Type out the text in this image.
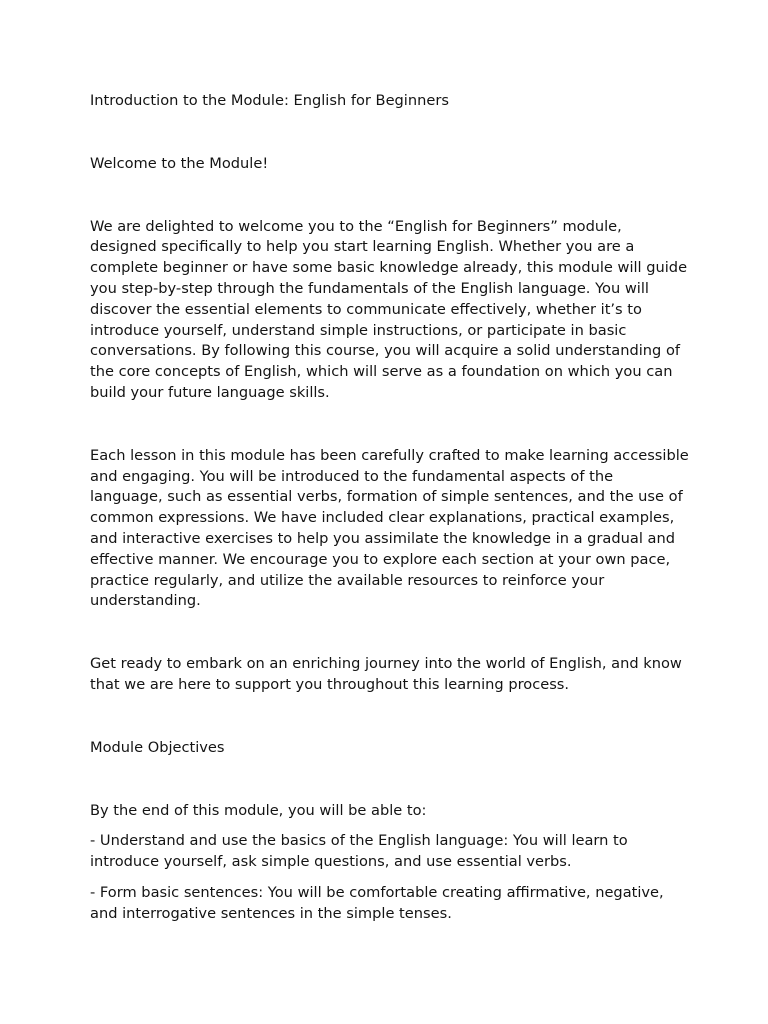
Introduction to the Module: English for Beginners

Welcome to the Module!

We are delighted to welcome you to the “English for Beginners” module, designed specifically to help you start learning English. Whether you are a complete beginner or have some basic knowledge already, this module will guide you step-by-step through the fundamentals of the English language. You will discover the essential elements to communicate effectively, whether it’s to introduce yourself, understand simple instructions, or participate in basic conversations. By following this course, you will acquire a solid understanding of the core concepts of English, which will serve as a foundation on which you can build your future language skills.

Each lesson in this module has been carefully crafted to make learning accessible and engaging. You will be introduced to the fundamental aspects of the language, such as essential verbs, formation of simple sentences, and the use of common expressions. We have included clear explanations, practical examples, and interactive exercises to help you assimilate the knowledge in a gradual and effective manner. We encourage you to explore each section at your own pace, practice regularly, and utilize the available resources to reinforce your understanding.

Get ready to embark on an enriching journey into the world of English, and know that we are here to support you throughout this learning process.

Module Objectives

By the end of this module, you will be able to:

- Understand and use the basics of the English language: You will learn to introduce yourself, ask simple questions, and use essential verbs.

- Form basic sentences: You will be comfortable creating affirmative, negative, and interrogative sentences in the simple tenses.
